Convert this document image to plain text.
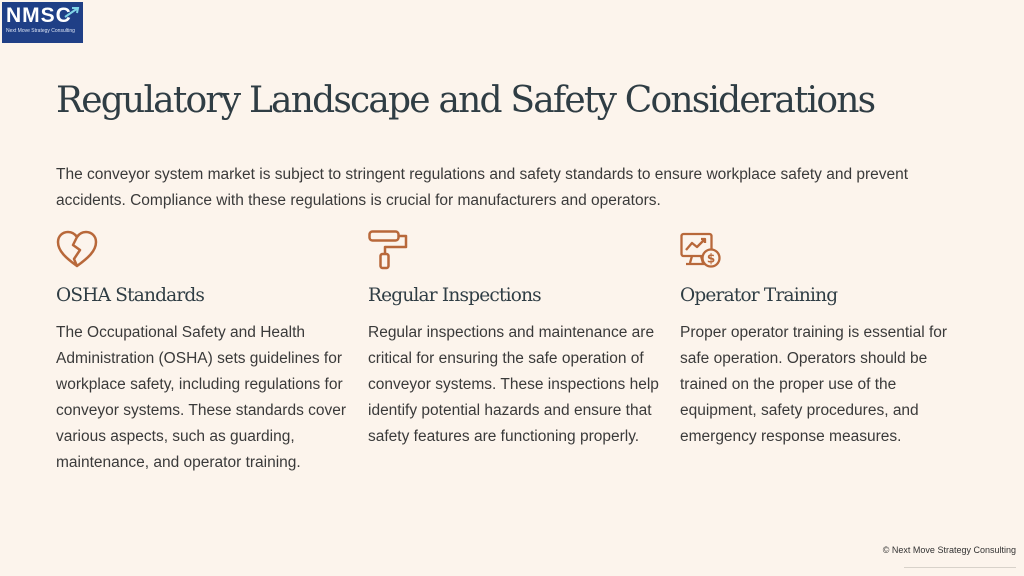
NMSC
Next Move Strategy Consulting
Regulatory Landscape and Safety Considerations

The conveyor system market is subject to stringent regulations and safety standards to ensure workplace safety and prevent accidents. Compliance with these regulations is crucial for manufacturers and operators.

OSHA Standards

The Occupational Safety and Health Administration (OSHA) sets guidelines for workplace safety, including regulations for conveyor systems. These standards cover various aspects, such as guarding, maintenance, and operator training.

Regular Inspections

Regular inspections and maintenance are critical for ensuring the safe operation of conveyor systems. These inspections help identify potential hazards and ensure that safety features are functioning properly.

$
Operator Training

Proper operator training is essential for safe operation. Operators should be trained on the proper use of the equipment, safety procedures, and emergency response measures.

© Next Move Strategy Consulting
